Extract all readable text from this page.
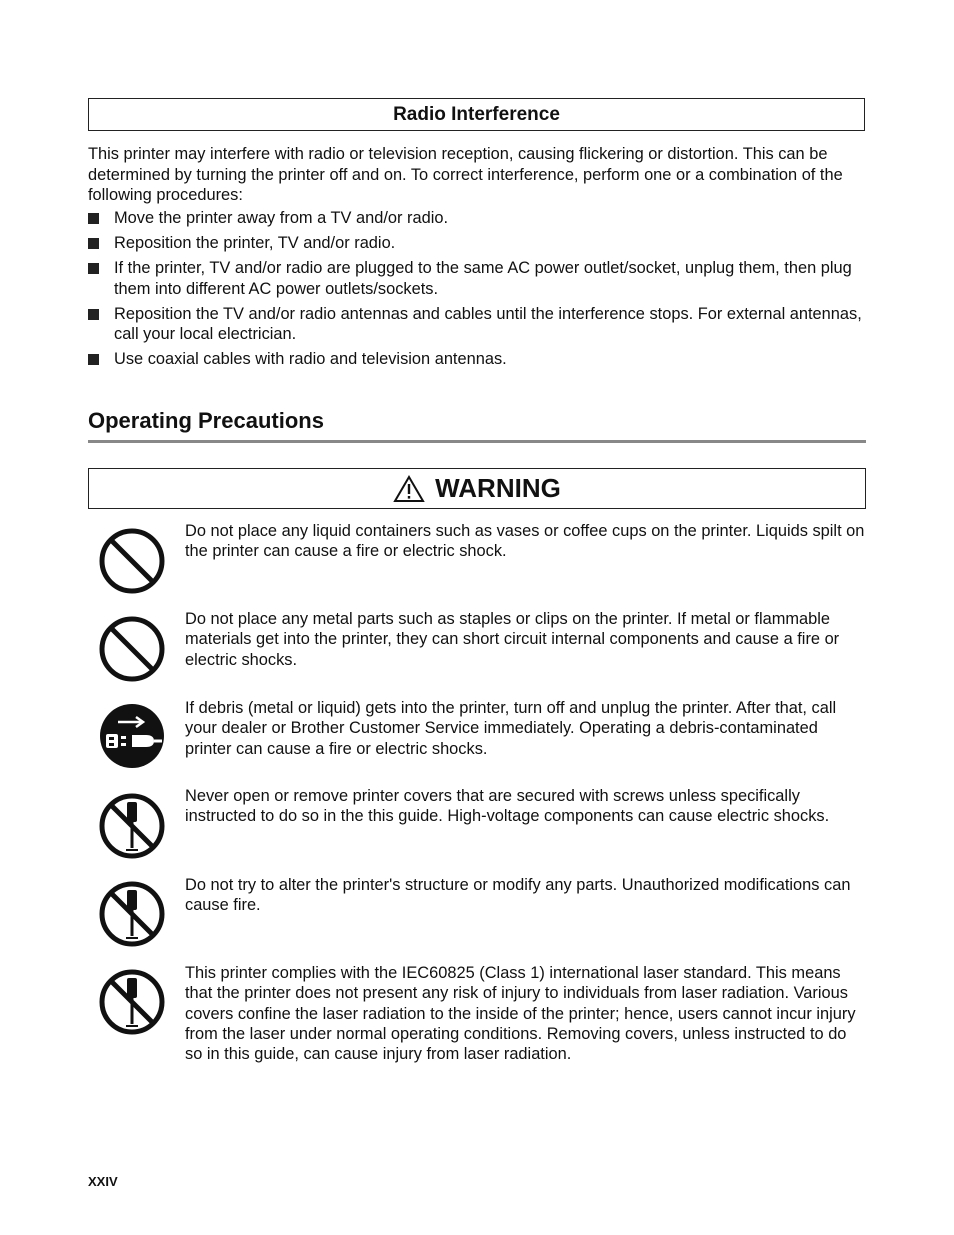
Radio Interference

This printer may interfere with radio or television reception, causing flickering or distortion. This can be determined by turning the printer off and on. To correct interference, perform one or a combination of the following procedures:

Move the printer away from a TV and/or radio.
Reposition the printer, TV and/or radio.
If the printer, TV and/or radio are plugged to the same AC power outlet/socket, unplug them, then plug them into different AC power outlets/sockets.
Reposition the TV and/or radio antennas and cables until the interference stops. For external antennas, call your local electrician.
Use coaxial cables with radio and television antennas.
Operating Precautions
WARNING

Do not place any liquid containers such as vases or coffee cups on the printer. Liquids spilt on the printer can cause a fire or electric shock.

Do not place any metal parts such as staples or clips on the printer. If metal or flammable materials get into the printer, they can short circuit internal components and cause a fire or electric shocks.

If debris (metal or liquid) gets into the printer, turn off and unplug the printer. After that, call your dealer or Brother Customer Service immediately. Operating a debris-contaminated printer can cause a fire or electric shocks.

Never open or remove printer covers that are secured with screws unless specifically instructed to do so in the this guide. High-voltage components can cause electric shocks.

Do not try to alter the printer's structure or modify any parts. Unauthorized modifications can cause fire.

This printer complies with the IEC60825 (Class 1) international laser standard. This means that the printer does not present any risk of injury to individuals from laser radiation. Various covers confine the laser radiation to the inside of the printer; hence, users cannot incur injury from the laser under normal operating conditions. Removing covers, unless instructed to do so in this guide, can cause injury from laser radiation.

XXIV
